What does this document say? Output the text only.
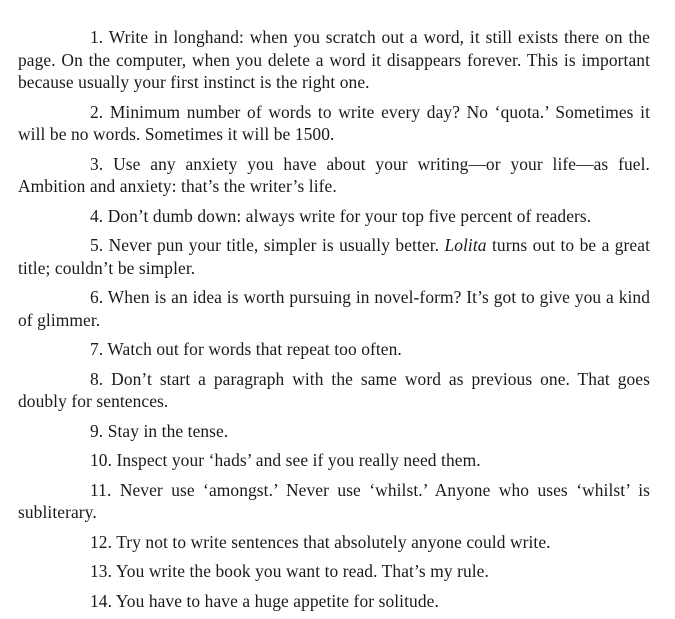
1. Write in longhand: when you scratch out a word, it still exists there on the page. On the computer, when you delete a word it disappears forever. This is important because usually your first instinct is the right one.

2. Minimum number of words to write every day? No ‘quota.’ Sometimes it will be no words. Sometimes it will be 1500.

3. Use any anxiety you have about your writing—or your life—as fuel. Ambition and anxiety: that’s the writer’s life.

4. Don’t dumb down: always write for your top five percent of readers.

5. Never pun your title, simpler is usually better. Lolita turns out to be a great title; couldn’t be simpler.

6. When is an idea is worth pursuing in novel-form? It’s got to give you a kind of glimmer.

7. Watch out for words that repeat too often.

8. Don’t start a paragraph with the same word as previous one. That goes doubly for sentences.

9. Stay in the tense.

10. Inspect your ‘hads’ and see if you really need them.

11. Never use ‘amongst.’ Never use ‘whilst.’ Anyone who uses ‘whilst’ is subliterary.

12. Try not to write sentences that absolutely anyone could write.

13. You write the book you want to read. That’s my rule.

14. You have to have a huge appetite for solitude.
